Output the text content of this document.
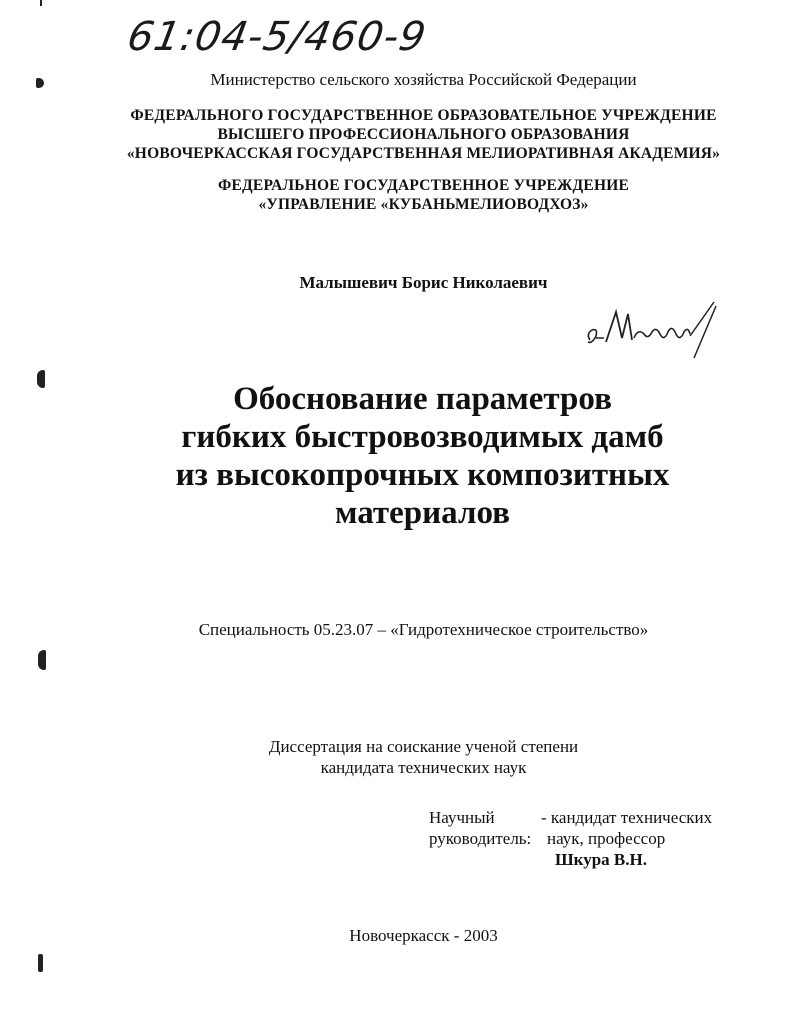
61:04-5/460-9
Министерство сельского хозяйства Российской Федерации
ФЕДЕРАЛЬНОГО ГОСУДАРСТВЕННОЕ ОБРАЗОВАТЕЛЬНОЕ УЧРЕЖДЕНИЕ
ВЫСШЕГО ПРОФЕССИОНАЛЬНОГО ОБРАЗОВАНИЯ
«НОВОЧЕРКАССКАЯ ГОСУДАРСТВЕННАЯ МЕЛИОРАТИВНАЯ АКАДЕМИЯ»
ФЕДЕРАЛЬНОЕ ГОСУДАРСТВЕННОЕ УЧРЕЖДЕНИЕ
«УПРАВЛЕНИЕ «КУБАНЬМЕЛИОВОДХОЗ»
Малышевич Борис Николаевич
Обоснование параметров
гибких быстровозводимых дамб
из высокопрочных композитных
материалов
Специальность 05.23.07 – «Гидротехническое строительство»
Диссертация на соискание ученой степени
кандидата технических наук
Научный	- кандидат технических
руководитель: наук, профессор
Шкура В.Н.
Новочеркасск - 2003
